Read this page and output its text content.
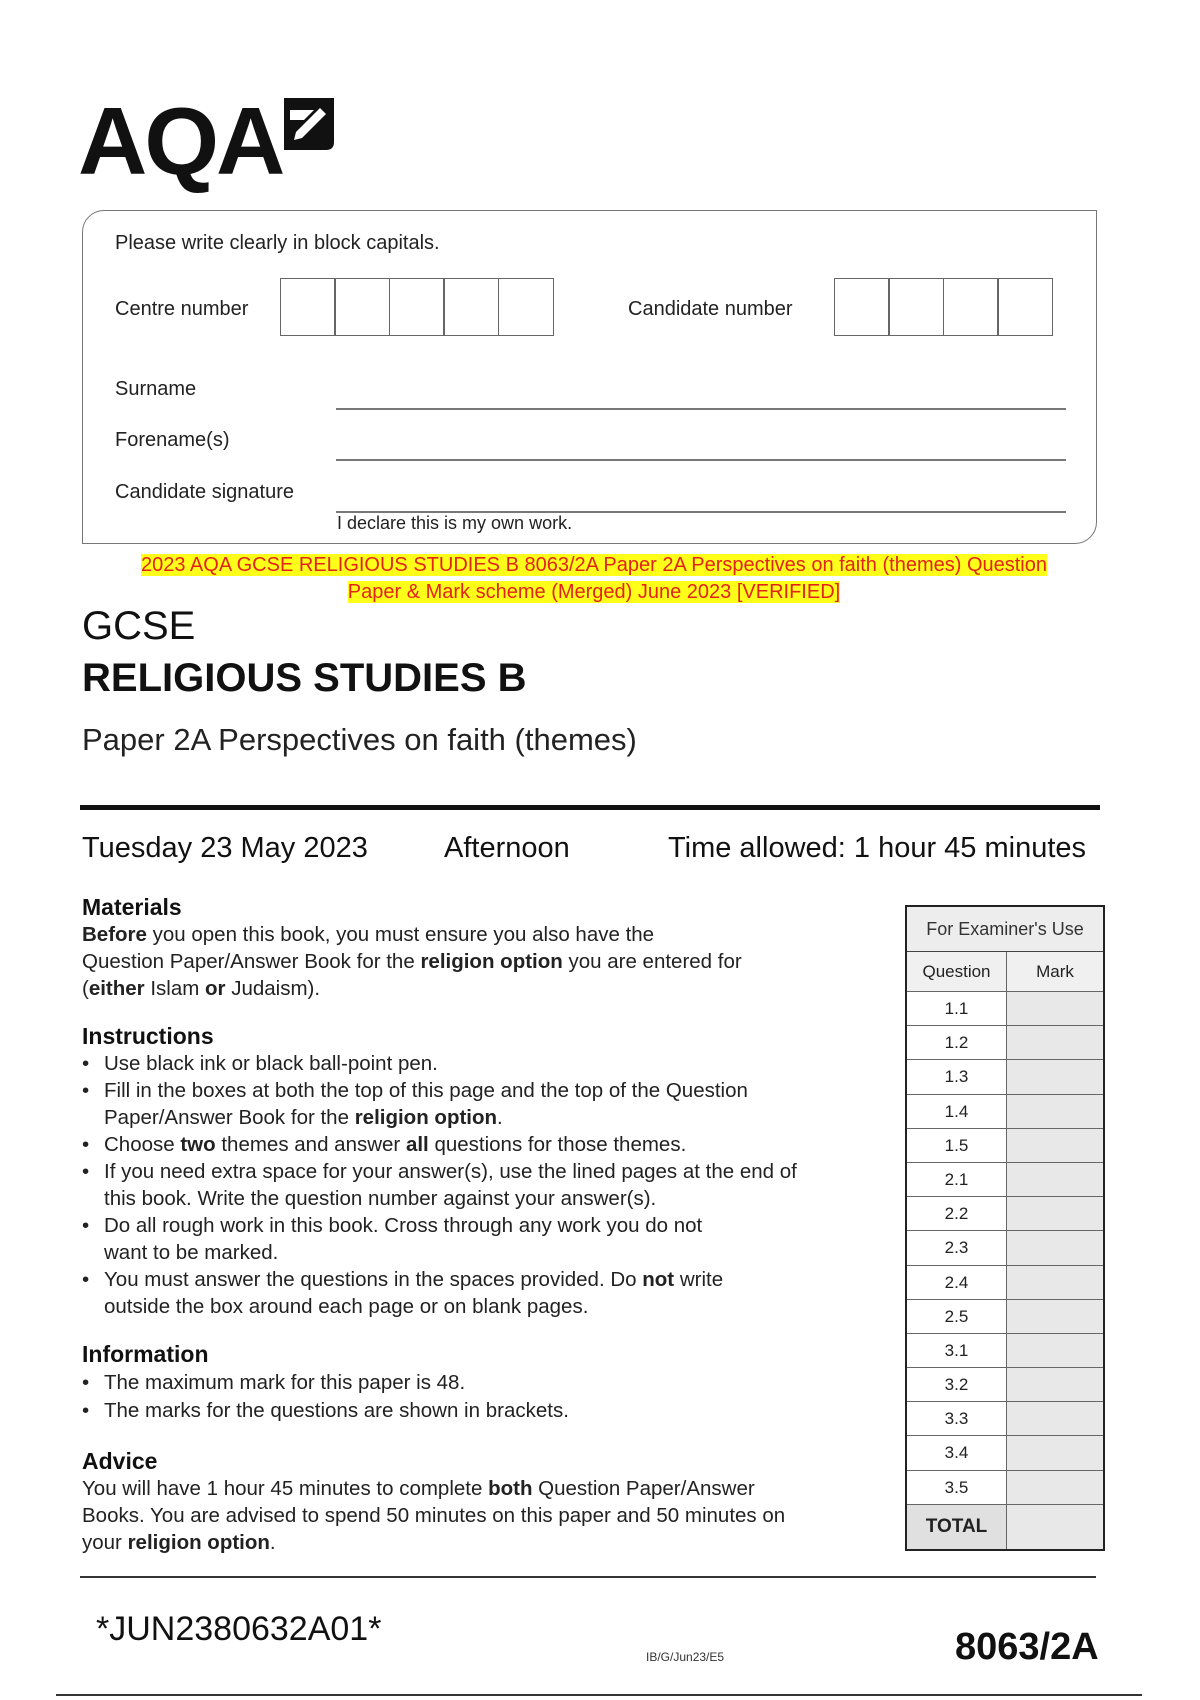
AQA
Please write clearly in block capitals.
Centre number	Candidate number
Surname
Forename(s)
Candidate signature
I declare this is my own work.
2023 AQA GCSE RELIGIOUS STUDIES B 8063/2A Paper 2A Perspectives on faith (themes) Question
Paper & Mark scheme (Merged) June 2023 [VERIFIED]
GCSE
RELIGIOUS STUDIES B
Paper 2A Perspectives on faith (themes)
Tuesday 23 May 2023	Afternoon	Time allowed: 1 hour 45 minutes
Materials
Before you open this book, you must ensure you also have the
Question Paper/Answer Book for the religion option you are entered for
(either Islam or Judaism).
Instructions
• Use black ink or black ball-point pen.
• Fill in the boxes at both the top of this page and the top of the Question
Paper/Answer Book for the religion option.
• Choose two themes and answer all questions for those themes.
• If you need extra space for your answer(s), use the lined pages at the end of
this book. Write the question number against your answer(s).
• Do all rough work in this book. Cross through any work you do not
want to be marked.
• You must answer the questions in the spaces provided. Do not write
outside the box around each page or on blank pages.
Information
• The maximum mark for this paper is 48.
• The marks for the questions are shown in brackets.
Advice
You will have 1 hour 45 minutes to complete both Question Paper/Answer
Books. You are advised to spend 50 minutes on this paper and 50 minutes on
your religion option.
For Examiner's Use
Question	Mark
1.1
1.2
1.3
1.4
1.5
2.1
2.2
2.3
2.4
2.5
3.1
3.2
3.3
3.4
3.5
TOTAL
*JUN2380632A01*
IB/G/Jun23/E5	8063/2A
